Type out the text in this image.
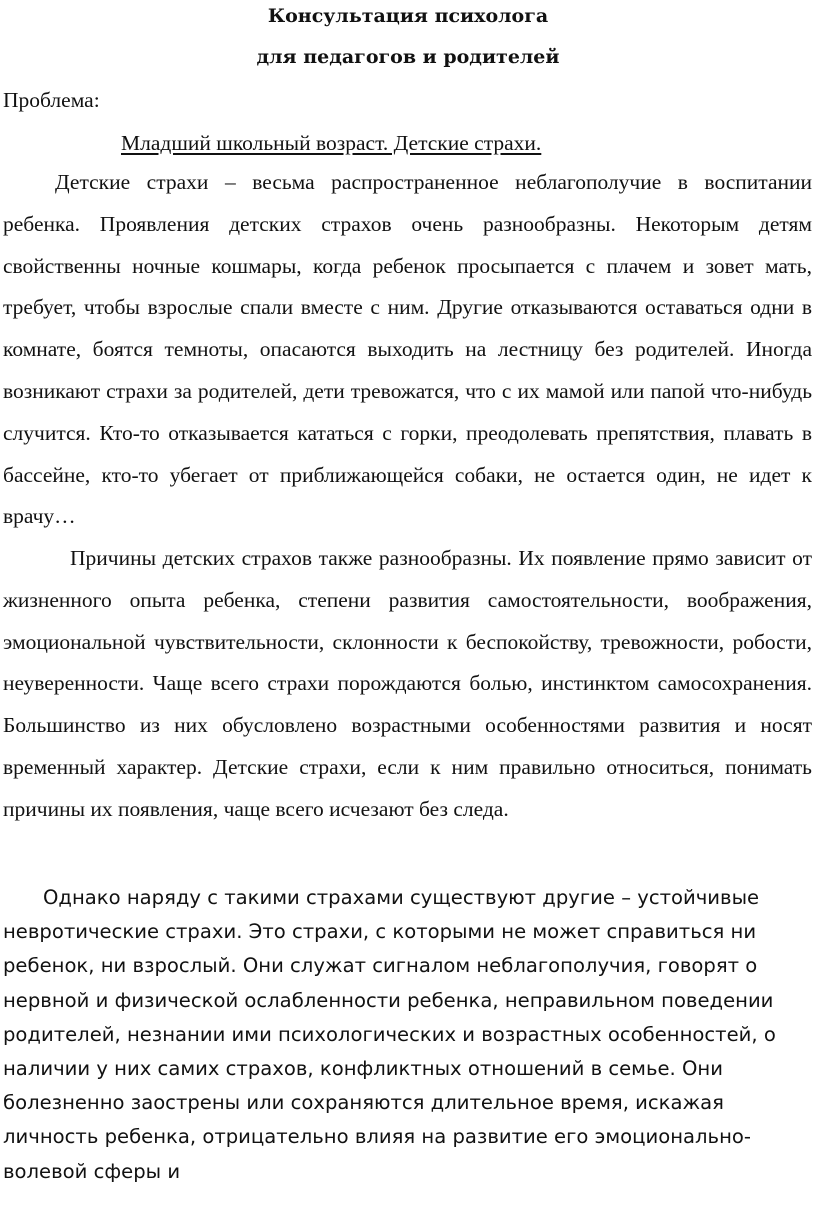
Консультация психолога
для педагогов и родителей
Проблема:
Младший школьный возраст. Детские страхи.

Детские страхи – весьма распространенное неблагополучие в воспитании ребенка. Проявления детских страхов очень разнообразны. Некоторым детям свойственны ночные кошмары, когда ребенок просыпается с плачем и зовет мать, требует, чтобы взрослые спали вместе с ним. Другие отказываются оставаться одни в комнате, боятся темноты, опасаются выходить на лестницу без родителей. Иногда возникают страхи за родителей, дети тревожатся, что с их мамой или папой что-нибудь случится. Кто-то отказывается кататься с горки, преодолевать препятствия, плавать в бассейне, кто-то убегает от приближающейся собаки, не остается один, не идет к врачу…

Причины детских страхов также разнообразны. Их появление прямо зависит от жизненного опыта ребенка, степени развития самостоятельности, воображения, эмоциональной чувствительности, склонности к беспокойству, тревожности, робости, неуверенности. Чаще всего страхи порождаются болью, инстинктом самосохранения. Большинство из них обусловлено возрастными особенностями развития и носят временный характер. Детские страхи, если к ним правильно относиться, понимать причины их появления, чаще всего исчезают без следа.

Однако наряду с такими страхами существуют другие – устойчивые невротические страхи. Это страхи, с которыми не может справиться ни ребенок, ни взрослый. Они служат сигналом неблагополучия, говорят о нервной и физической ослабленности ребенка, неправильном поведении родителей, незнании ими психологических и возрастных особенностей, о наличии у них самих страхов, конфликтных отношений в семье. Они болезненно заострены или сохраняются длительное время, искажая личность ребенка, отрицательно влияя на развитие его эмоционально-волевой сферы и
